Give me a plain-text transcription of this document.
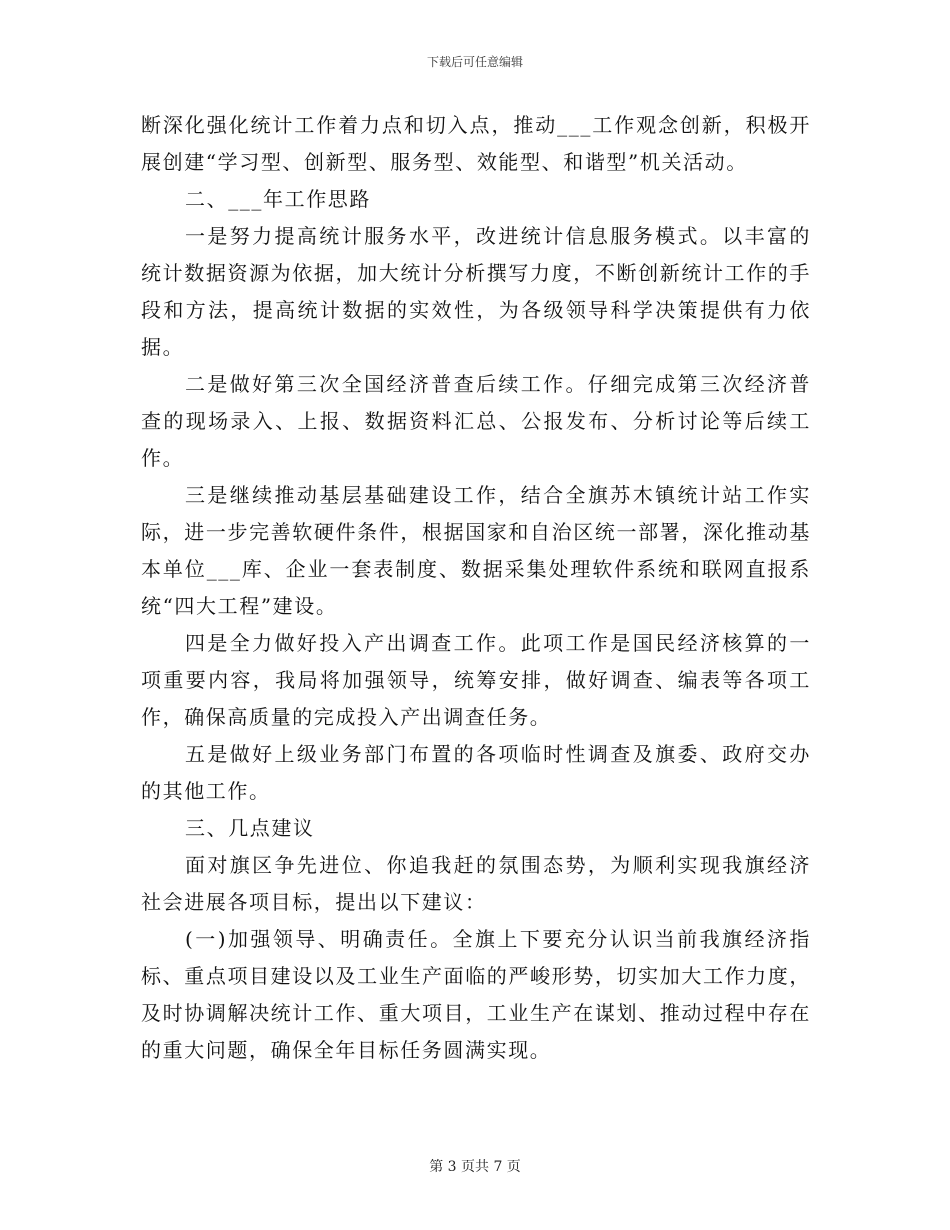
下载后可任意编辑

断深化强化统计工作着力点和切入点，推动___工作观念创新，积极开展创建“学习型、创新型、服务型、效能型、和谐型”机关活动。

二、___年工作思路

一是努力提高统计服务水平，改进统计信息服务模式。以丰富的统计数据资源为依据，加大统计分析撰写力度，不断创新统计工作的手段和方法，提高统计数据的实效性，为各级领导科学决策提供有力依据。

二是做好第三次全国经济普查后续工作。仔细完成第三次经济普查的现场录入、上报、数据资料汇总、公报发布、分析讨论等后续工作。

三是继续推动基层基础建设工作，结合全旗苏木镇统计站工作实际，进一步完善软硬件条件，根据国家和自治区统一部署，深化推动基本单位___库、企业一套表制度、数据采集处理软件系统和联网直报系统“四大工程”建设。

四是全力做好投入产出调查工作。此项工作是国民经济核算的一项重要内容，我局将加强领导，统筹安排，做好调查、编表等各项工作，确保高质量的完成投入产出调查任务。

五是做好上级业务部门布置的各项临时性调查及旗委、政府交办的其他工作。

三、几点建议

面对旗区争先进位、你追我赶的氛围态势，为顺利实现我旗经济社会进展各项目标，提出以下建议：

(一)加强领导、明确责任。全旗上下要充分认识当前我旗经济指标、重点项目建设以及工业生产面临的严峻形势，切实加大工作力度，及时协调解决统计工作、重大项目，工业生产在谋划、推动过程中存在的重大问题，确保全年目标任务圆满实现。

第 3 页共 7 页
